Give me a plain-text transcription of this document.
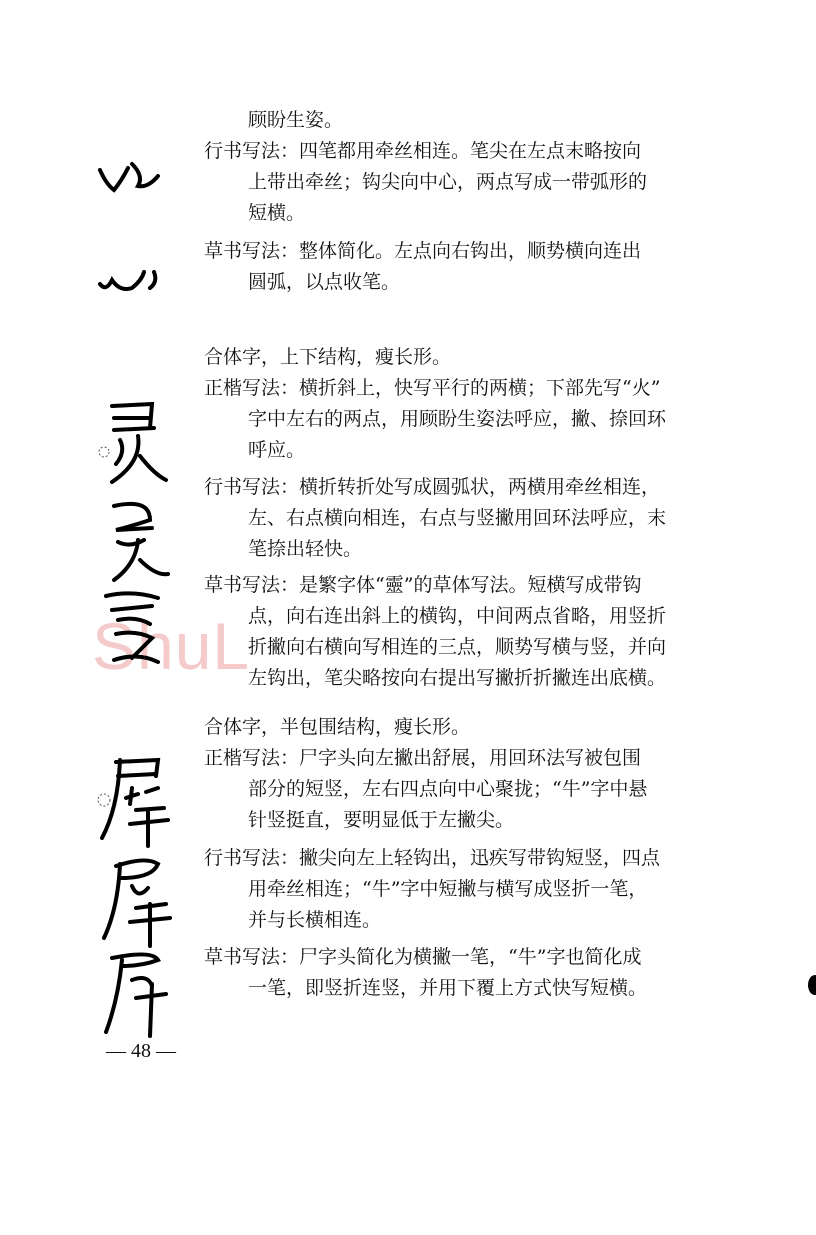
ShuL
顾盼生姿。
行书写法：四笔都用牵丝相连。笔尖在左点末略按向
上带出牵丝；钩尖向中心，两点写成一带弧形的
短横。
草书写法：整体简化。左点向右钩出，顺势横向连出
圆弧，以点收笔。
合体字，上下结构，瘦长形。
正楷写法：横折斜上，快写平行的两横；下部先写“火”
字中左右的两点，用顾盼生姿法呼应，撇、捺回环
呼应。
行书写法：横折转折处写成圆弧状，两横用牵丝相连，
左、右点横向相连，右点与竖撇用回环法呼应，末
笔捺出轻快。
草书写法：是繁字体“靈”的草体写法。短横写成带钩
点，向右连出斜上的横钩，中间两点省略，用竖折
折撇向右横向写相连的三点，顺势写横与竖，并向
左钩出，笔尖略按向右提出写撇折折撇连出底横。
合体字，半包围结构，瘦长形。
正楷写法：尸字头向左撇出舒展，用回环法写被包围
部分的短竖，左右四点向中心聚拢；“牛”字中悬
针竖挺直，要明显低于左撇尖。
行书写法：撇尖向左上轻钩出，迅疾写带钩短竖，四点
用牵丝相连；“牛”字中短撇与横写成竖折一笔，
并与长横相连。
草书写法：尸字头简化为横撇一笔，“牛”字也简化成
一笔，即竖折连竖，并用下覆上方式快写短横。
— 48 —
